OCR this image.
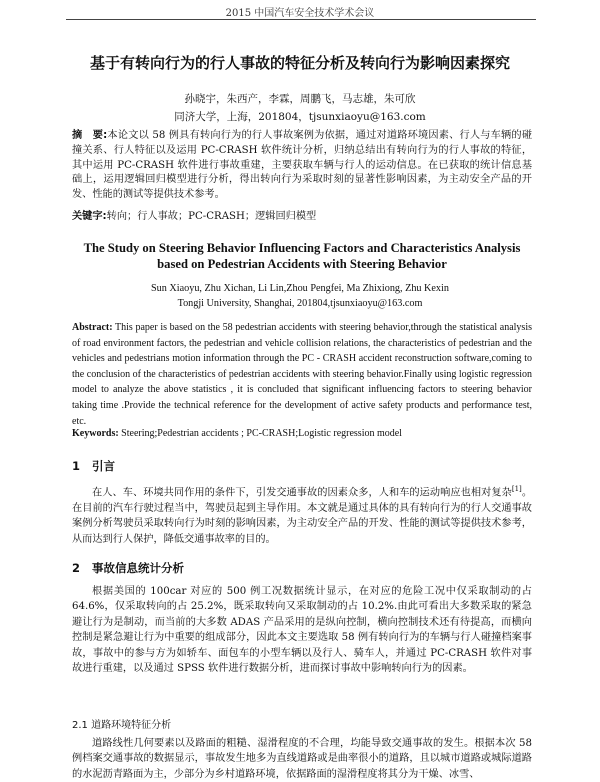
2015 中国汽车安全技术学术会议
基于有转向行为的行人事故的特征分析及转向行为影响因素探究
孙晓宇，朱西产，李霖，周鹏飞，马志雄，朱可欣
同济大学，上海，201804，tjsunxiaoyu@163.com
摘　要:本论文以 58 例具有转向行为的行人事故案例为依据，通过对道路环境因素、行人与车辆的碰撞关系、行人特征以及运用 PC-CRASH 软件统计分析，归纳总结出有转向行为的行人事故的特征，其中运用 PC-CRASH 软件进行事故重建，主要获取车辆与行人的运动信息。在已获取的统计信息基础上，运用逻辑回归模型进行分析，得出转向行为采取时刻的显著性影响因素，为主动安全产品的开发、性能的测试等提供技术参考。
关键字:转向；行人事故；PC-CRASH；逻辑回归模型
The Study on Steering Behavior Influencing Factors and Characteristics Analysis based on Pedestrian Accidents with Steering Behavior
Sun Xiaoyu, Zhu Xichan, Li Lin,Zhou Pengfei, Ma Zhixiong, Zhu Kexin
Tongji University, Shanghai, 201804,tjsunxiaoyu@163.com
Abstract: This paper is based on the 58 pedestrian accidents with steering behavior,through the statistical analysis of road environment factors, the pedestrian and vehicle collision relations, the characteristics of pedestrian and the vehicles and pedestrians motion information through the PC - CRASH accident reconstruction software,coming to the conclusion of the characteristics of pedestrian accidents with steering behavior.Finally using logistic regression model to analyze the above statistics , it is concluded that significant influencing factors to steering behavior taking time .Provide the technical reference for the development of active safety products and performance test, etc.
Keywords: Steering;Pedestrian accidents ; PC-CRASH;Logistic regression model
1 引言
在人、车、环境共同作用的条件下，引发交通事故的因素众多，人和车的运动响应也相对复杂[1]。在目前的汽车行驶过程当中，驾驶员起到主导作用。本文就是通过具体的具有转向行为的行人交通事故案例分析驾驶员采取转向行为时刻的影响因素，为主动安全产品的开发、性能的测试等提供技术参考，从而达到行人保护，降低交通事故率的目的。
2 事故信息统计分析
根据美国的 100car 对应的 500 例工况数据统计显示，在对应的危险工况中仅采取制动的占 64.6%，仅采取转向的占 25.2%，既采取转向又采取制动的占 10.2%.由此可看出大多数采取的紧急避让行为是制动，而当前的大多数 ADAS 产品采用的是纵向控制，横向控制技术还有待提高，而横向控制是紧急避让行为中重要的组成部分，因此本文主要选取 58 例有转向行为的车辆与行人碰撞档案事故，事故中的参与方为如轿车、面包车的小型车辆以及行人、骑车人，并通过 PC-CRASH 软件对事故进行重建，以及通过 SPSS 软件进行数据分析，进而探讨事故中影响转向行为的因素。
2.1 道路环境特征分析
道路线性几何要素以及路面的粗糙、湿滑程度的不合理，均能导致交通事故的发生。根据本次 58 例档案交通事故的数据显示，事故发生地多为直线道路或是曲率很小的道路，且以城市道路或城际道路的水泥沥青路面为主，少部分为乡村道路环境，依据路面的湿滑程度将其分为干燥、冰雪、
